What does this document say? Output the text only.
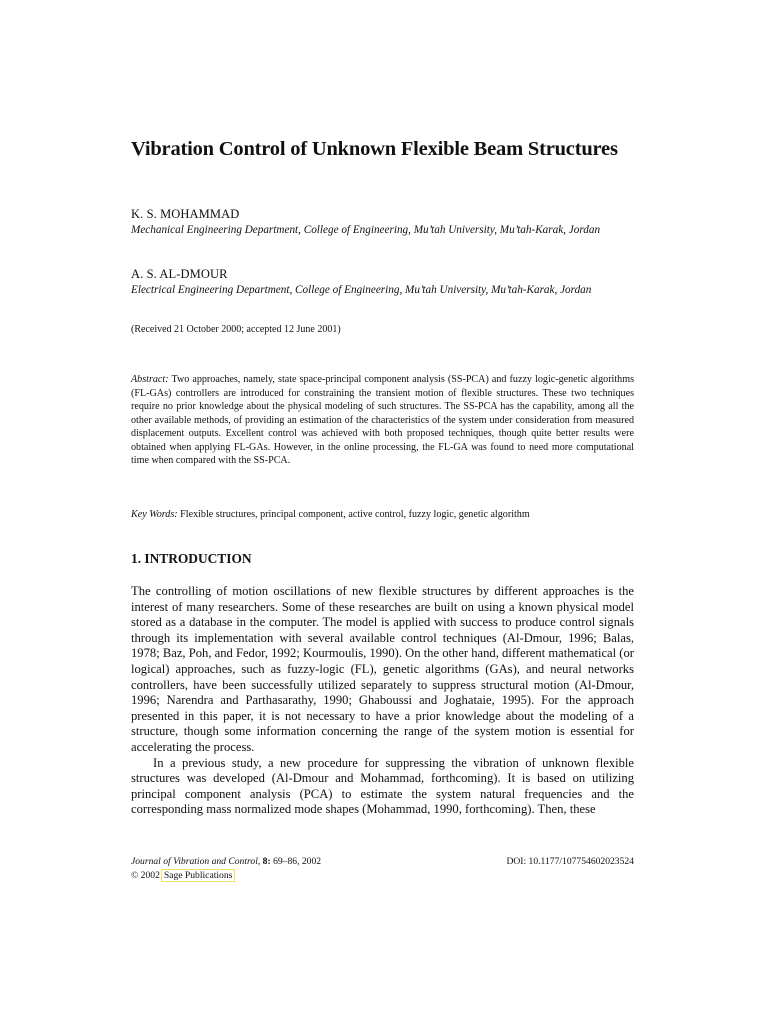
Vibration Control of Unknown Flexible Beam Structures
K. S. MOHAMMAD
Mechanical Engineering Department, College of Engineering, Mu’tah University, Mu’tah-Karak, Jordan
A. S. AL-DMOUR
Electrical Engineering Department, College of Engineering, Mu’tah University, Mu’tah-Karak, Jordan
(Received 21 October 2000; accepted 12 June 2001)
Abstract: Two approaches, namely, state space-principal component analysis (SS-PCA) and fuzzy logic-genetic algorithms (FL-GAs) controllers are introduced for constraining the transient motion of flexible structures. These two techniques require no prior knowledge about the physical modeling of such structures. The SS-PCA has the capability, among all the other available methods, of providing an estimation of the characteristics of the system under consideration from measured displacement outputs. Excellent control was achieved with both proposed techniques, though quite better results were obtained when applying FL-GAs. However, in the online processing, the FL-GA was found to need more computational time when compared with the SS-PCA.
Key Words: Flexible structures, principal component, active control, fuzzy logic, genetic algorithm
1. INTRODUCTION

The controlling of motion oscillations of new flexible structures by different approaches is the interest of many researchers. Some of these researches are built on using a known physical model stored as a database in the computer. The model is applied with success to produce control signals through its implementation with several available control techniques (Al-Dmour, 1996; Balas, 1978; Baz, Poh, and Fedor, 1992; Kourmoulis, 1990). On the other hand, different mathematical (or logical) approaches, such as fuzzy-logic (FL), genetic algorithms (GAs), and neural networks controllers, have been successfully utilized separately to suppress structural motion (Al-Dmour, 1996; Narendra and Parthasarathy, 1990; Ghaboussi and Joghataie, 1995). For the approach presented in this paper, it is not necessary to have a prior knowledge about the modeling of a structure, though some information concerning the range of the system motion is essential for accelerating the process.

In a previous study, a new procedure for suppressing the vibration of unknown flexible structures was developed (Al-Dmour and Mohammad, forthcoming). It is based on utilizing principal component analysis (PCA) to estimate the system natural frequencies and the corresponding mass normalized mode shapes (Mohammad, 1990, forthcoming). Then, these

Journal of Vibration and Control, 8: 69–86, 2002
© 2002 Sage Publications
DOI: 10.1177/107754602023524
